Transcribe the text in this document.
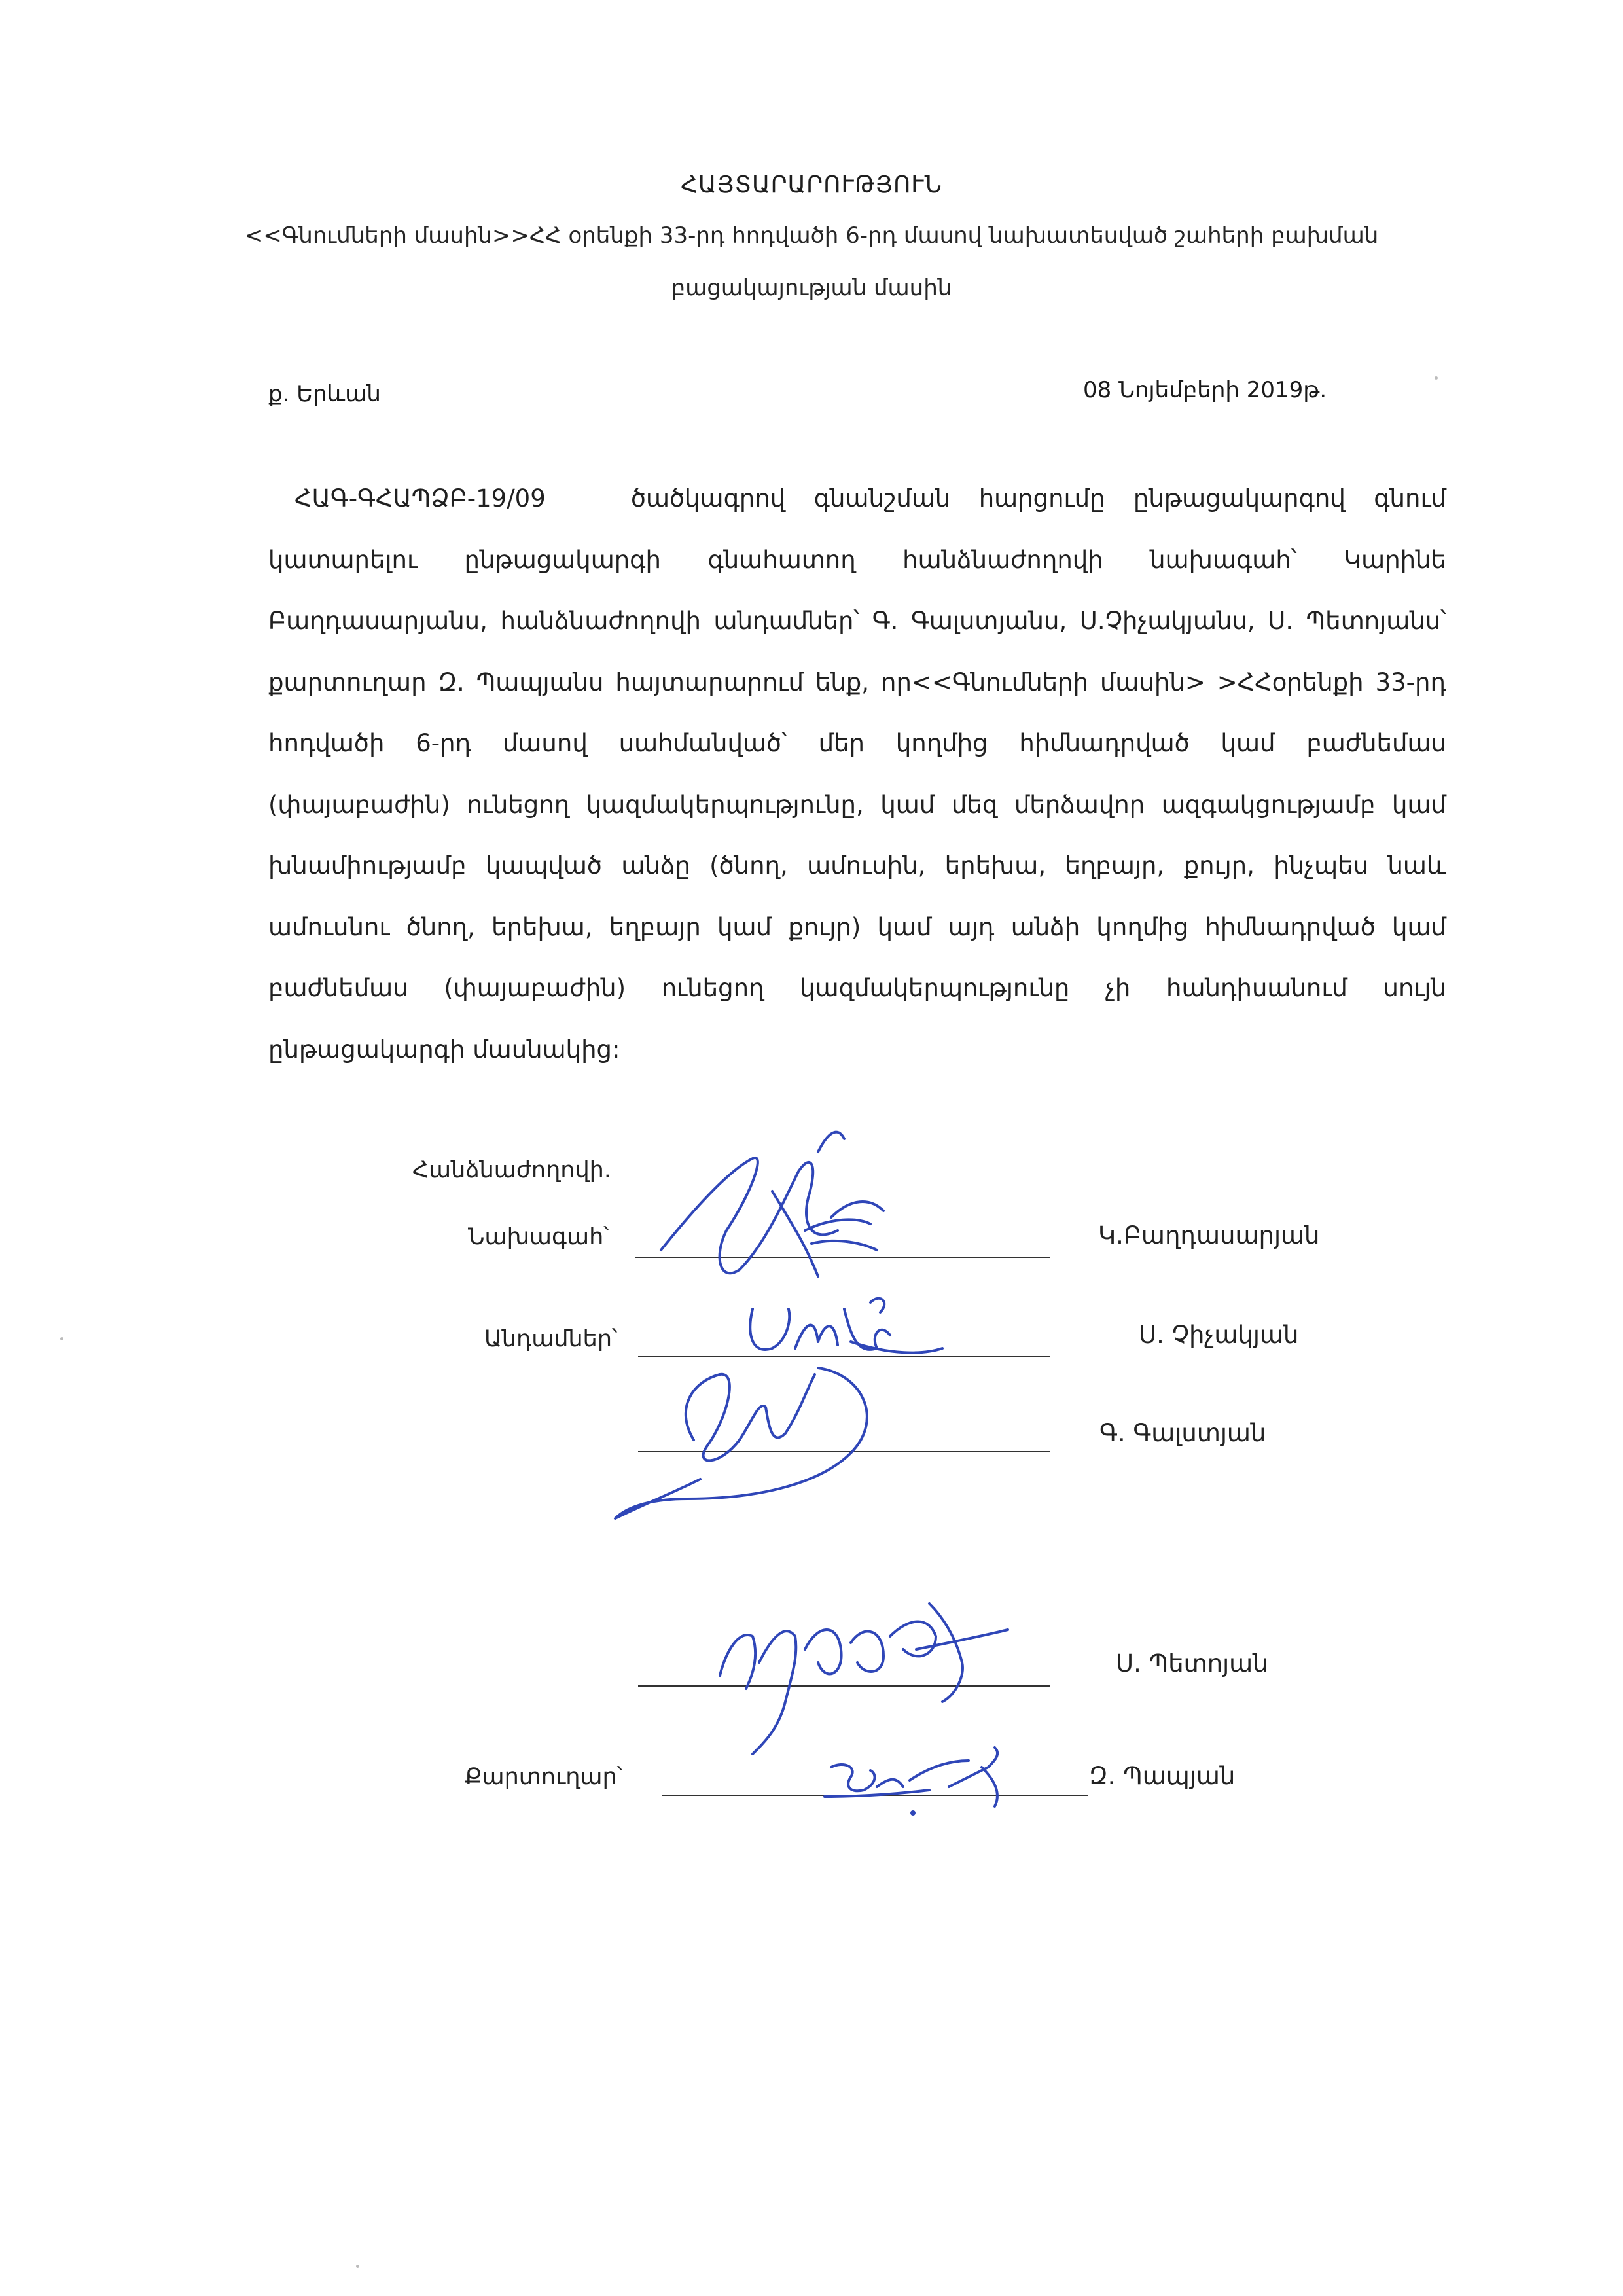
ՀԱՅՏԱՐԱՐՈՒԹՅՈՒՆ
<<Գնումների մասին>>ՀՀ օրենքի 33-րդ հոդվածի 6-րդ մասով նախատեսված շահերի բախման
բացակայության մասին
ք. Երևան	08 Նոյեմբերի 2019թ.
ՀԱԳ-ԳՀԱՊՁԲ-19/09	ծածկագրով գնանշման հարցումը ընթացակարգով գնում կատարելու ընթացակարգի գնահատող հանձնաժողովի նախագահ՝ Կարինե Բաղդասարյանս, հանձնաժողովի անդամներ՝ Գ. Գալստյանս, Ս.Չիչակյանս, Ս. Պետոյանս՝ քարտուղար Զ. Պապյանս հայտարարում ենք, որ<<Գնումների մասին> >ՀՀօրենքի 33-րդ հոդվածի 6-րդ մասով սահմանված՝ մեր կողմից հիմնադրված կամ բաժնեմաս (փայաբաժին) ունեցող կազմակերպությունը, կամ մեզ մերձավոր ազգակցությամբ կամ խնամիությամբ կապված անձը (ծնող, ամուսին, երեխա, եղբայր, քույր, ինչպես նաև ամուսնու ծնող, երեխա, եղբայր կամ քույր) կամ այդ անձի կողմից հիմնադրված կամ բաժնեմաս (փայաբաժին) ունեցող կազմակերպությունը չի հանդիսանում սույն ընթացակարգի մասնակից:
Հանձնաժողովի.
Նախագահ՝	Կ.Բաղդասարյան
Անդամներ՝	Ս. Չիչակյան
Գ. Գալստյան
Ս. Պետոյան
Քարտուղար՝	Զ. Պապյան
